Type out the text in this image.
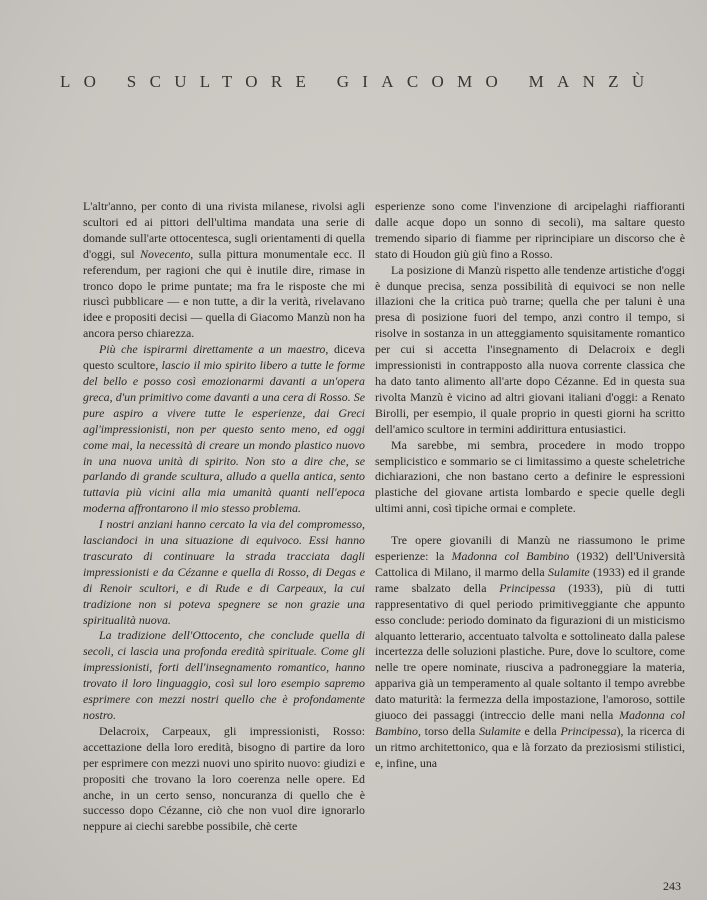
LO SCULTORE GIACOMO MANZÙ

L'altr'anno, per conto di una rivista milanese, rivolsi agli scultori ed ai pittori dell'ultima mandata una serie di domande sull'arte ottocentesca, sugli orientamenti di quella d'oggi, sul Novecento, sulla pittura monumentale ecc. Il referendum, per ragioni che qui è inutile dire, rimase in tronco dopo le prime puntate; ma fra le risposte che mi riuscì pubblicare — e non tutte, a dir la verità, rivelavano idee e propositi decisi — quella di Giacomo Manzù non ha ancora perso chiarezza.

Più che ispirarmi direttamente a un maestro, diceva questo scultore, lascio il mio spirito libero a tutte le forme del bello e posso così emozionarmi davanti a un'opera greca, d'un primitivo come davanti a una cera di Rosso. Se pure aspiro a vivere tutte le esperienze, dai Greci agl'impressionisti, non per questo sento meno, ed oggi come mai, la necessità di creare un mondo plastico nuovo in una nuova unità di spirito. Non sto a dire che, se parlando di grande scultura, alludo a quella antica, sento tuttavia più vicini alla mia umanità quanti nell'epoca moderna affrontarono il mio stesso problema.

I nostri anziani hanno cercato la via del compromesso, lasciandoci in una situazione di equivoco. Essi hanno trascurato di continuare la strada tracciata dagli impressionisti e da Cézanne e quella di Rosso, di Degas e di Renoir scultori, e di Rude e di Carpeaux, la cui tradizione non si poteva spegnere se non grazie una spiritualità nuova.

La tradizione dell'Ottocento, che conclude quella di secoli, ci lascia una profonda eredità spirituale. Come gli impressionisti, forti dell'insegnamento romantico, hanno trovato il loro linguaggio, così sul loro esempio sapremo esprimere con mezzi nostri quello che è profondamente nostro.

Delacroix, Carpeaux, gli impressionisti, Rosso: accettazione della loro eredità, bisogno di partire da loro per esprimere con mezzi nuovi uno spirito nuovo: giudizi e propositi che trovano la loro coerenza nelle opere. Ed anche, in un certo senso, noncuranza di quello che è successo dopo Cézanne, ciò che non vuol dire ignorarlo neppure ai ciechi sarebbe possibile, chè certe

esperienze sono come l'invenzione di arcipelaghi riaffioranti dalle acque dopo un sonno di secoli), ma saltare questo tremendo sipario di fiamme per riprincipiare un discorso che è stato di Houdon giù giù fino a Rosso.

La posizione di Manzù rispetto alle tendenze artistiche d'oggi è dunque precisa, senza possibilità di equivoci se non nelle illazioni che la critica può trarne; quella che per taluni è una presa di posizione fuori del tempo, anzi contro il tempo, si risolve in sostanza in un atteggiamento squisitamente romantico per cui si accetta l'insegnamento di Delacroix e degli impressionisti in contrapposto alla nuova corrente classica che ha dato tanto alimento all'arte dopo Cézanne. Ed in questa sua rivolta Manzù è vicino ad altri giovani italiani d'oggi: a Renato Birolli, per esempio, il quale proprio in questi giorni ha scritto dell'amico scultore in termini addirittura entusiastici.

Ma sarebbe, mi sembra, procedere in modo troppo semplicistico e sommario se ci limitassimo a queste scheletriche dichiarazioni, che non bastano certo a definire le espressioni plastiche del giovane artista lombardo e specie quelle degli ultimi anni, così tipiche ormai e complete.

Tre opere giovanili di Manzù ne riassumono le prime esperienze: la Madonna col Bambino (1932) dell'Università Cattolica di Milano, il marmo della Sulamite (1933) ed il grande rame sbalzato della Principessa (1933), più di tutti rappresentativo di quel periodo primitiveggiante che appunto esso conclude: periodo dominato da figurazioni di un misticismo alquanto letterario, accentuato talvolta e sottolineato dalla palese incertezza delle soluzioni plastiche. Pure, dove lo scultore, come nelle tre opere nominate, riusciva a padroneggiare la materia, appariva già un temperamento al quale soltanto il tempo avrebbe dato maturità: la fermezza della impostazione, l'amoroso, sottile giuoco dei passaggi (intreccio delle mani nella Madonna col Bambino, torso della Sulamite e della Principessa), la ricerca di un ritmo architettonico, qua e là forzato da preziosismi stilistici, e, infine, una

243
